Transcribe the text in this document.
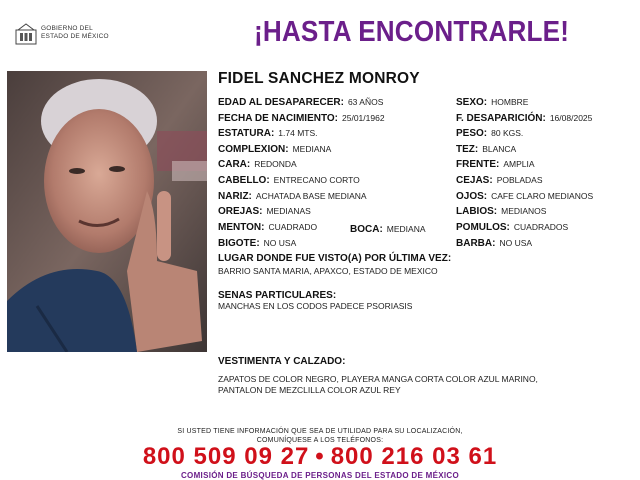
GOBIERNO DEL
ESTADO DE MÉXICO	¡HASTA ENCONTRARLE!
FIDEL SANCHEZ MONROY
EDAD AL DESAPARECER: 63 AÑOS
FECHA DE NACIMIENTO: 25/01/1962
ESTATURA: 1.74 MTS.
COMPLEXION: MEDIANA
CARA: REDONDA
CABELLO: ENTRECANO CORTO
NARIZ: ACHATADA BASE MEDIANA
OREJAS: MEDIANAS
MENTON: CUADRADO	BOCA: MEDIANA
BIGOTE: NO USA
SEXO: HOMBRE
F. DESAPARICIÓN: 16/08/2025
PESO: 80 KGS.
TEZ: BLANCA
FRENTE: AMPLIA
CEJAS: POBLADAS
OJOS: CAFE CLARO MEDIANOS
LABIOS: MEDIANOS
POMULOS: CUADRADOS
BARBA: NO USA
LUGAR DONDE FUE VISTO(A) POR ÚLTIMA VEZ:
BARRIO SANTA MARIA, APAXCO, ESTADO DE MEXICO
SENAS PARTICULARES:
MANCHAS EN LOS CODOS PADECE PSORIASIS
VESTIMENTA Y CALZADO:
ZAPATOS DE COLOR NEGRO, PLAYERA MANGA CORTA COLOR AZUL MARINO,
PANTALON DE MEZCLILLA COLOR AZUL REY
SI USTED TIENE INFORMACIÓN QUE SEA DE UTILIDAD PARA SU LOCALIZACIÓN,
COMUNÍQUESE A LOS TELÉFONOS:
800 509 09 27 • 800 216 03 61
COMISIÓN DE BÚSQUEDA DE PERSONAS DEL ESTADO DE MÉXICO
